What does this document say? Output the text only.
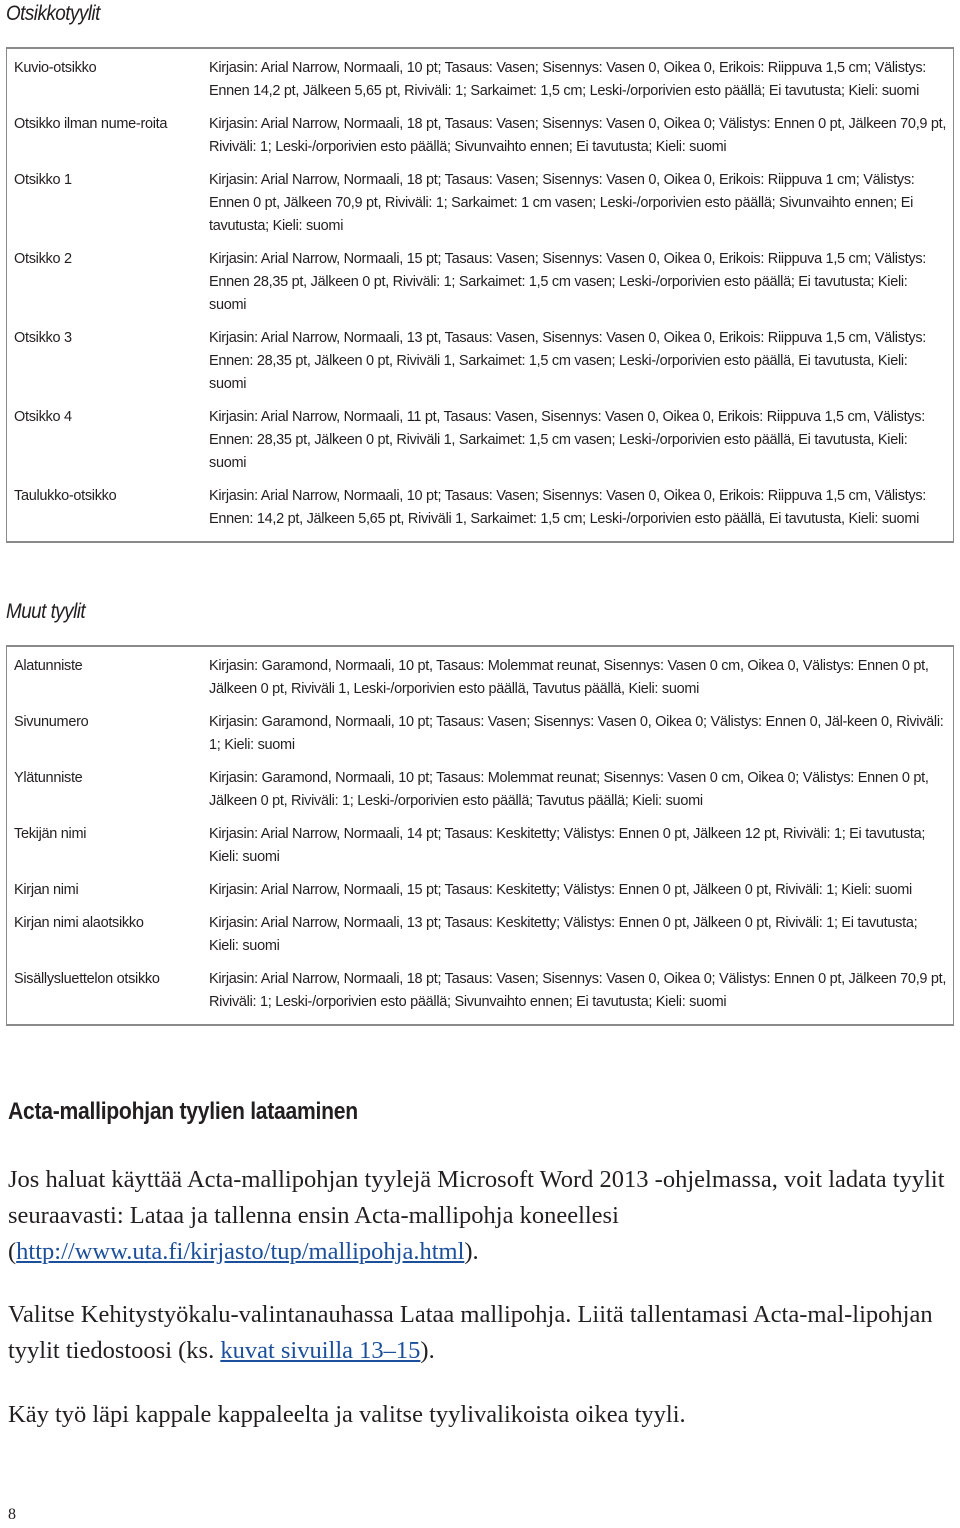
Otsikkotyylit
Kuvio-otsikko	Kirjasin: Arial Narrow, Normaali, 10 pt; Tasaus: Vasen; Sisennys: Vasen 0, Oikea 0, Erikois: Riippuva 1,5 cm; Välistys: Ennen 14,2 pt, Jälkeen 5,65 pt, Riviväli: 1; Sarkaimet: 1,5 cm; Leski-/orporivien esto päällä; Ei tavutusta; Kieli: suomi
Otsikko ilman nume-roita	Kirjasin: Arial Narrow, Normaali, 18 pt, Tasaus: Vasen; Sisennys: Vasen 0, Oikea 0; Välistys: Ennen 0 pt, Jälkeen 70,9 pt, Riviväli: 1; Leski-/orporivien esto päällä; Sivunvaihto ennen; Ei tavutusta; Kieli: suomi
Otsikko 1	Kirjasin: Arial Narrow, Normaali, 18 pt; Tasaus: Vasen; Sisennys: Vasen 0, Oikea 0, Erikois: Riippuva 1 cm; Välistys: Ennen 0 pt, Jälkeen 70,9 pt, Riviväli: 1; Sarkaimet: 1 cm vasen; Leski-/orporivien esto päällä; Sivunvaihto ennen; Ei tavutusta; Kieli: suomi
Otsikko 2	Kirjasin: Arial Narrow, Normaali, 15 pt; Tasaus: Vasen; Sisennys: Vasen 0, Oikea 0, Erikois: Riippuva 1,5 cm; Välistys: Ennen 28,35 pt, Jälkeen 0 pt, Riviväli: 1; Sarkaimet: 1,5 cm vasen; Leski-/orporivien esto päällä; Ei tavutusta; Kieli: suomi
Otsikko 3	Kirjasin: Arial Narrow, Normaali, 13 pt, Tasaus: Vasen, Sisennys: Vasen 0, Oikea 0, Erikois: Riippuva 1,5 cm, Välistys: Ennen: 28,35 pt, Jälkeen 0 pt, Riviväli 1, Sarkaimet: 1,5 cm vasen; Leski-/orporivien esto päällä, Ei tavutusta, Kieli: suomi
Otsikko 4	Kirjasin: Arial Narrow, Normaali, 11 pt, Tasaus: Vasen, Sisennys: Vasen 0, Oikea 0, Erikois: Riippuva 1,5 cm, Välistys: Ennen: 28,35 pt, Jälkeen 0 pt, Riviväli 1, Sarkaimet: 1,5 cm vasen; Leski-/orporivien esto päällä, Ei tavutusta, Kieli: suomi
Taulukko-otsikko	Kirjasin: Arial Narrow, Normaali, 10 pt; Tasaus: Vasen; Sisennys: Vasen 0, Oikea 0, Erikois: Riippuva 1,5 cm, Välistys: Ennen: 14,2 pt, Jälkeen 5,65 pt, Riviväli 1, Sarkaimet: 1,5 cm; Leski-/orporivien esto päällä, Ei tavutusta, Kieli: suomi
Muut tyylit
Alatunniste	Kirjasin: Garamond, Normaali, 10 pt, Tasaus: Molemmat reunat, Sisennys: Vasen 0 cm, Oikea 0, Välistys: Ennen 0 pt, Jälkeen 0 pt, Riviväli 1, Leski-/orporivien esto päällä, Tavutus päällä, Kieli: suomi
Sivunumero	Kirjasin: Garamond, Normaali, 10 pt; Tasaus: Vasen; Sisennys: Vasen 0, Oikea 0; Välistys: Ennen 0, Jäl-keen 0, Riviväli: 1; Kieli: suomi
Ylätunniste	Kirjasin: Garamond, Normaali, 10 pt; Tasaus: Molemmat reunat; Sisennys: Vasen 0 cm, Oikea 0; Välistys: Ennen 0 pt, Jälkeen 0 pt, Riviväli: 1; Leski-/orporivien esto päällä; Tavutus päällä; Kieli: suomi
Tekijän nimi	Kirjasin: Arial Narrow, Normaali, 14 pt; Tasaus: Keskitetty; Välistys: Ennen 0 pt, Jälkeen 12 pt, Riviväli: 1; Ei tavutusta; Kieli: suomi
Kirjan nimi	Kirjasin: Arial Narrow, Normaali, 15 pt; Tasaus: Keskitetty; Välistys: Ennen 0 pt, Jälkeen 0 pt, Riviväli: 1; Kieli: suomi
Kirjan nimi alaotsikko	Kirjasin: Arial Narrow, Normaali, 13 pt; Tasaus: Keskitetty; Välistys: Ennen 0 pt, Jälkeen 0 pt, Riviväli: 1; Ei tavutusta; Kieli: suomi
Sisällysluettelon otsikko	Kirjasin: Arial Narrow, Normaali, 18 pt; Tasaus: Vasen; Sisennys: Vasen 0, Oikea 0; Välistys: Ennen 0 pt, Jälkeen 70,9 pt, Riviväli: 1; Leski-/orporivien esto päällä; Sivunvaihto ennen; Ei tavutusta; Kieli: suomi
Acta-mallipohjan tyylien lataaminen

Jos haluat käyttää Acta-mallipohjan tyylejä Microsoft Word 2013 -ohjelmassa, voit ladata tyylit seuraavasti: Lataa ja tallenna ensin Acta-mallipohja koneellesi (http://www.uta.fi/kirjasto/tup/mallipohja.html).

Valitse Kehitystyökalu-valintanauhassa Lataa mallipohja. Liitä tallentamasi Acta-mal-lipohjan tyylit tiedostoosi (ks. kuvat sivuilla 13–15).

Käy työ läpi kappale kappaleelta ja valitse tyylivalikoista oikea tyyli.

8
